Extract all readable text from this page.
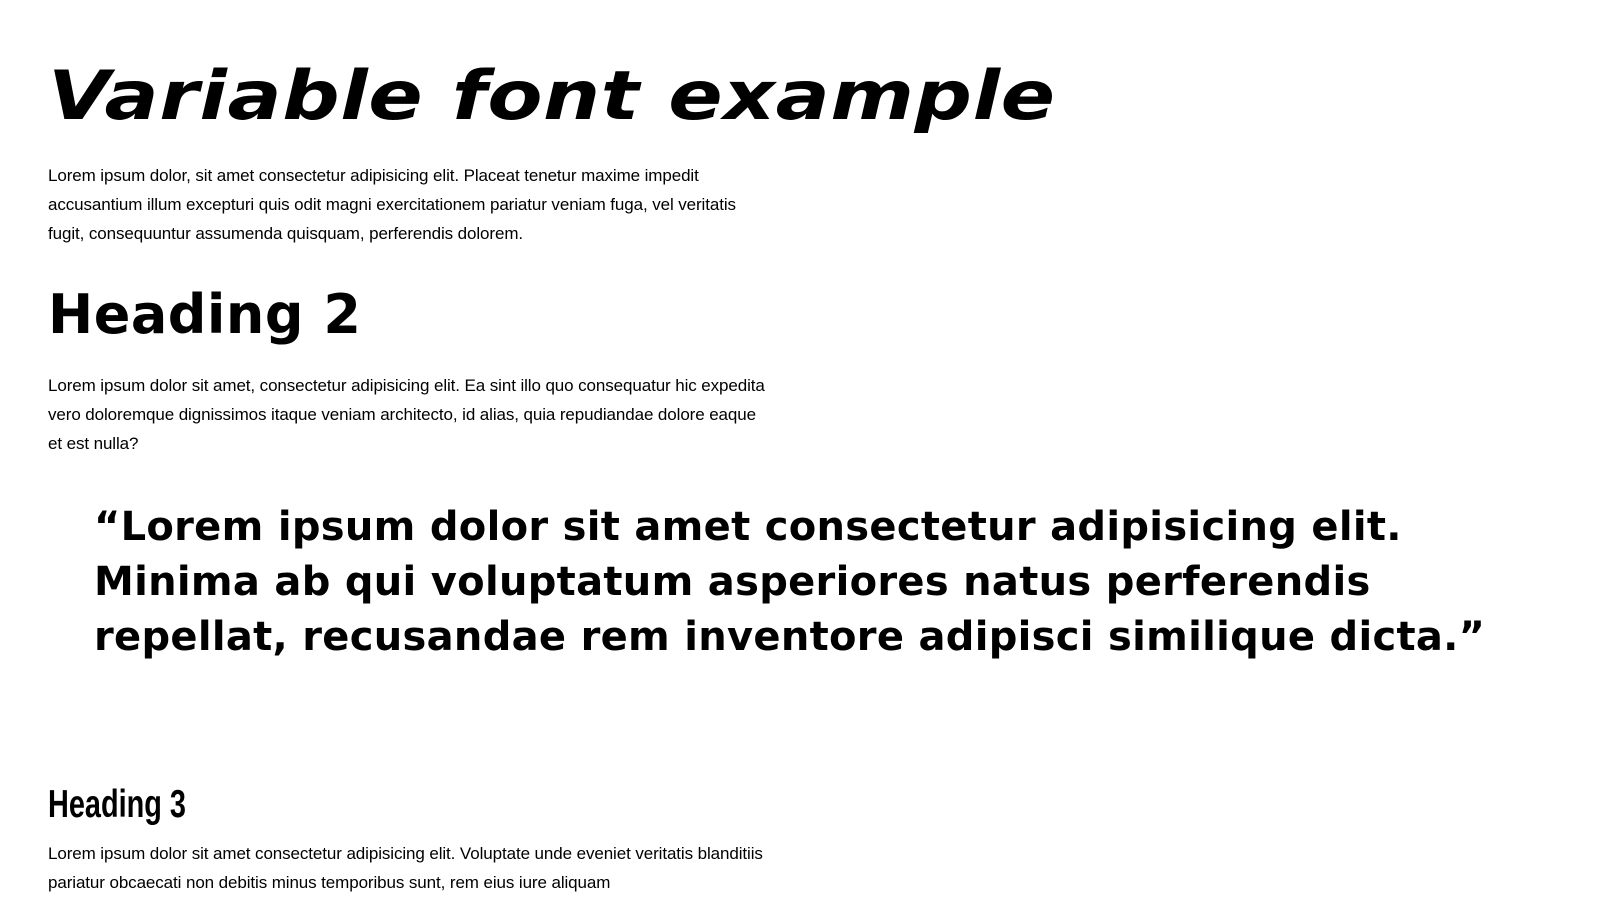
Variable font example

Lorem ipsum dolor, sit amet consectetur adipisicing elit. Placeat tenetur maxime impedit accusantium illum excepturi quis odit magni exercitationem pariatur veniam fuga, vel veritatis fugit, consequuntur assumenda quisquam, perferendis dolorem.

Heading 2

Lorem ipsum dolor sit amet, consectetur adipisicing elit. Ea sint illo quo consequatur hic expedita vero doloremque dignissimos itaque veniam architecto, id alias, quia repudiandae dolore eaque et est nulla?

“Lorem ipsum dolor sit amet consectetur adipisicing elit. Minima ab qui voluptatum asperiores natus perferendis repellat, recusandae rem inventore adipisci similique dicta.”
Heading 3

Lorem ipsum dolor sit amet consectetur adipisicing elit. Voluptate unde eveniet veritatis blanditiis pariatur obcaecati non debitis minus temporibus sunt, rem eius iure aliquam
